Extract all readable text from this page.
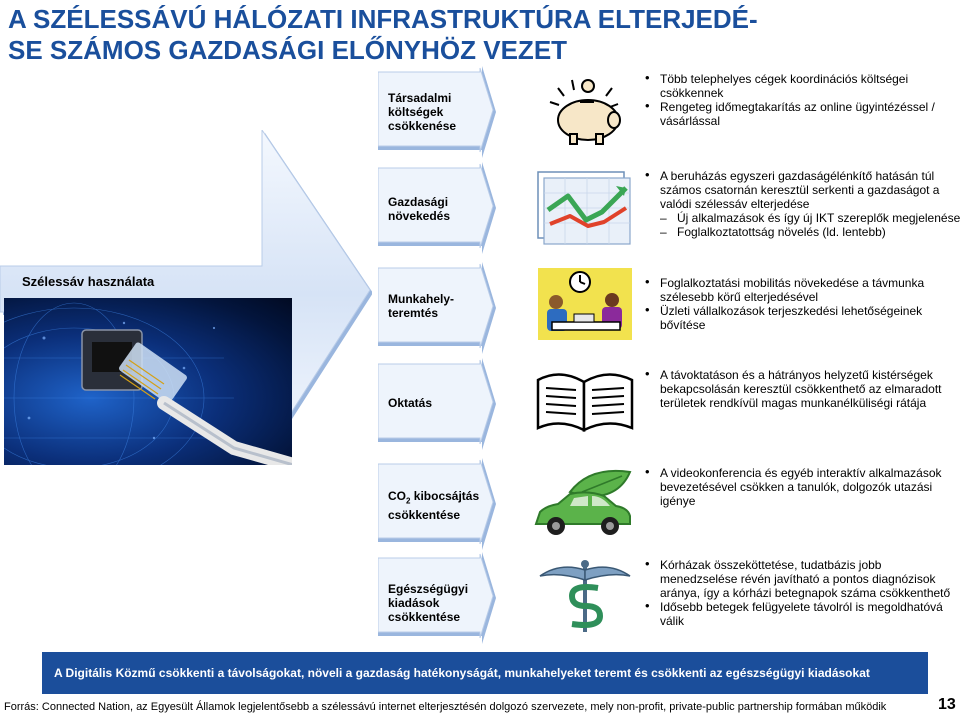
A SZÉLESSÁVÚ HÁLÓZATI INFRASTRUKTÚRA ELTERJEDÉ-
SE SZÁMOS GAZDASÁGI ELŐNYHÖZ VEZET
Szélessáv használata
Társadalmi
költségek
csökkenése
Gazdasági
növekedés
Munkahely-
teremtés
Oktatás
$CO_2$ kibocsájtás
csökkentése
Egészségügyi
kiadások
csökkentése
• Több telephelyes cégek koordinációs költségei csökkennek
• Rengeteg időmegtakarítás az online ügyintézéssel / vásárlással
• A beruházás egyszeri gazdaságélénkítő hatásán túl számos csatornán keresztül serkenti a gazdaságot a valódi szélessáv elterjedése
– Új alkalmazások és így új IKT szereplők megjelenése
– Foglalkoztatottság növelés (ld. lentebb)
• Foglalkoztatási mobilitás növekedése a távmunka szélesebb körű elterjedésével
• Üzleti vállalkozások terjeszkedési lehetőségeinek bővítése
• A távoktatáson és a hátrányos helyzetű kistérségek bekapcsolásán keresztül csökkenthető az elmaradott területek rendkívül magas munkanélküliségi rátája
• A videokonferencia és egyéb interaktív alkalmazások bevezetésével csökken a tanulók, dolgozók utazási igénye
• Kórházak összeköttetése, tudatbázis jobb menedzselése révén javítható a pontos diagnózisok aránya, így a kórházi betegnapok száma csökkenthető
• Idősebb betegek felügyelete távolról is megoldhatóvá válik
A Digitális Közmű csökkenti a távolságokat, növeli a gazdaság hatékonyságát, munkahelyeket teremt és csökkenti az egészségügyi kiadásokat
Forrás: Connected Nation, az Egyesült Államok legjelentősebb a szélessávú internet elterjesztésén dolgozó szervezete, mely non-profit, private-public partnership formában működik	13
